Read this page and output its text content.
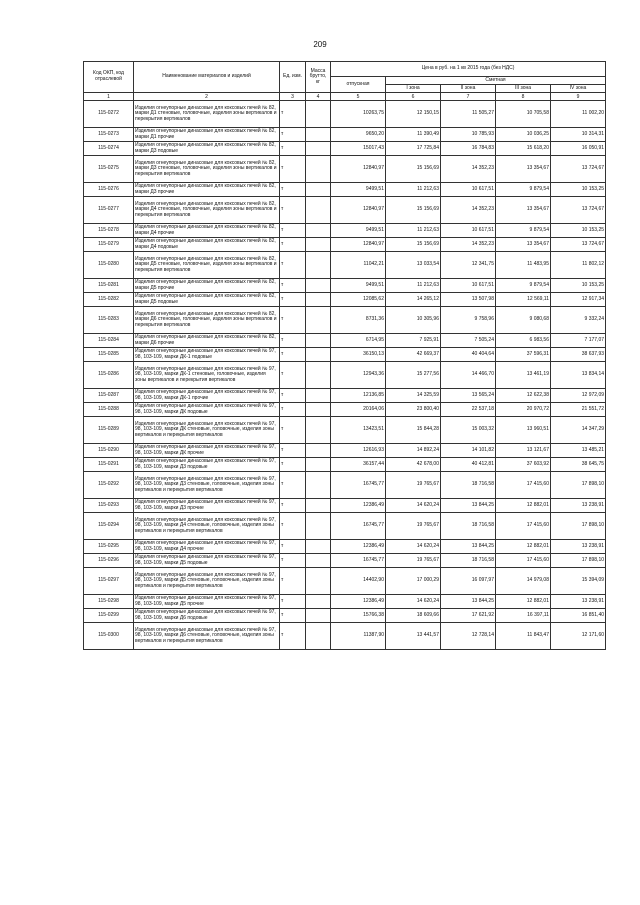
209
Код ОКП, код отраслевой	Наименование материалов и изделий	Ед. изм.	Масса брутто, кг	Цена в руб. на 1 кв 2015 года (без НДС)				
				отпускная	Сметная			
					I зона	II зона	III зона	IV зона
1	2	3	4	5	6	7	8	9
115-0272	Изделия огнеупорные динасовые для коксовых печей № 82, марки Д1 стеновые, головочные, изделия зоны вертикалов и перекрытия вертикалов	т		10263,75	12 150,15	11 505,27	10 705,58	11 002,20
115-0273	Изделия огнеупорные динасовые для коксовых печей № 82, марки Д1 прочие	т		9650,20	11 390,49	10 785,93	10 036,25	10 314,31
115-0274	Изделия огнеупорные динасовые для коксовых печей № 82, марки Д3 подовые	т		15017,43	17 725,84	16 784,83	15 618,20	16 050,91
115-0275	Изделия огнеупорные динасовые для коксовых печей № 82, марки Д3 стеновые, головочные, изделия зоны вертикалов и перекрытия вертикалов	т		12840,97	15 156,69	14 352,23	13 354,67	13 724,67
115-0276	Изделия огнеупорные динасовые для коксовых печей № 82, марки Д3 прочие	т		9499,51	11 212,63	10 617,51	9 879,54	10 153,25
115-0277	Изделия огнеупорные динасовые для коксовых печей № 82, марки Д4 стеновые, головочные, изделия зоны вертикалов и перекрытия вертикалов	т		12840,97	15 156,69	14 352,23	13 354,67	13 724,67
115-0278	Изделия огнеупорные динасовые для коксовых печей № 82, марки Д4 прочие	т		9499,51	11 212,63	10 617,51	9 879,54	10 153,25
115-0279	Изделия огнеупорные динасовые для коксовых печей № 82, марки Д4 подовые	т		12840,97	15 156,69	14 352,23	13 354,67	13 724,67
115-0280	Изделия огнеупорные динасовые для коксовых печей № 82, марки Д5 стеновые, головочные, изделия зоны вертикалов и перекрытия вертикалов	т		11042,21	13 033,54	12 341,75	11 483,95	11 802,12
115-0281	Изделия огнеупорные динасовые для коксовых печей № 82, марки Д5 прочие	т		9499,51	11 212,63	10 617,51	9 879,54	10 153,25
115-0282	Изделия огнеупорные динасовые для коксовых печей № 82, марки Д5 подовые	т		12085,62	14 265,12	13 507,98	12 569,11	12 917,34
115-0283	Изделия огнеупорные динасовые для коксовых печей № 82, марки Д6 стеновые, головочные, изделия зоны вертикалов и перекрытия вертикалов	т		8731,36	10 305,96	9 758,96	9 080,68	9 332,24
115-0284	Изделия огнеупорные динасовые для коксовых печей № 82, марки Д6 прочие	т		6714,95	7 925,91	7 505,24	6 983,56	7 177,07
115-0285	Изделия огнеупорные динасовые для коксовых печей № 97, 98, 103-109, марки ДК-1 подовые	т		36150,13	42 669,37	40 404,64	37 596,31	38 637,93
115-0286	Изделия огнеупорные динасовые для коксовых печей № 97, 98, 103-109, марки ДК-1 стеновые, головочные, изделия зоны вертикалов и перекрытия вертикалов	т		12943,36	15 277,56	14 466,70	13 461,19	13 834,14
115-0287	Изделия огнеупорные динасовые для коксовых печей № 97, 98, 103-109, марки ДК-1 прочие	т		12136,85	14 325,59	13 565,24	12 622,38	12 972,09
115-0288	Изделия огнеупорные динасовые для коксовых печей № 97, 98, 103-109, марки ДК подовые	т		20164,06	23 800,40	22 537,18	20 970,72	21 551,72
115-0289	Изделия огнеупорные динасовые для коксовых печей № 97, 98, 103-109, марки ДК стеновые, головочные, изделия зоны вертикалов и перекрытия вертикалов	т		13423,51	15 844,28	15 003,32	13 960,51	14 347,29
115-0290	Изделия огнеупорные динасовые для коксовых печей № 97, 98, 103-109, марки ДК прочие	т		12616,93	14 892,24	14 101,82	13 121,67	13 485,21
115-0291	Изделия огнеупорные динасовые для коксовых печей № 97, 98, 103-109, марки Д3 подовые	т		36157,44	42 678,00	40 412,81	37 603,92	38 645,75
115-0292	Изделия огнеупорные динасовые для коксовых печей № 97, 98, 103-109, марки Д3 стеновые, головочные, изделия зоны вертикалов и перекрытия вертикалов	т		16745,77	19 765,67	18 716,58	17 415,60	17 898,10
115-0293	Изделия огнеупорные динасовые для коксовых печей № 97, 98, 103-109, марки Д3 прочие	т		12386,49	14 620,24	13 844,25	12 882,01	13 238,91
115-0294	Изделия огнеупорные динасовые для коксовых печей № 97, 98, 103-109, марки Д4 стеновые, головочные, изделия зоны вертикалов и перекрытия вертикалов	т		16745,77	19 765,67	18 716,58	17 415,60	17 898,10
115-0295	Изделия огнеупорные динасовые для коксовых печей № 97, 98, 103-109, марки Д4 прочие	т		12386,49	14 620,24	13 844,25	12 882,01	13 238,91
115-0296	Изделия огнеупорные динасовые для коксовых печей № 97, 98, 103-109, марки Д5 подовые	т		16745,77	19 765,67	18 716,58	17 415,60	17 898,10
115-0297	Изделия огнеупорные динасовые для коксовых печей № 97, 98, 103-109, марки Д5 стеновые, головочные, изделия зоны вертикалов и перекрытия вертикалов	т		14402,90	17 000,29	16 097,97	14 979,08	15 394,09
115-0298	Изделия огнеупорные динасовые для коксовых печей № 97, 98, 103-109, марки Д5 прочие	т		12386,49	14 620,24	13 844,25	12 882,01	13 238,91
115-0299	Изделия огнеупорные динасовые для коксовых печей № 97, 98, 103-109, марки Д6 подовые	т		15766,38	18 609,66	17 621,92	16 397,11	16 851,40
115-0300	Изделия огнеупорные динасовые для коксовых печей № 97, 98, 103-109, марки Д6 стеновые, головочные, изделия зоны вертикалов и перекрытия вертикалов	т		11387,90	13 441,57	12 728,14	11 843,47	12 171,60
